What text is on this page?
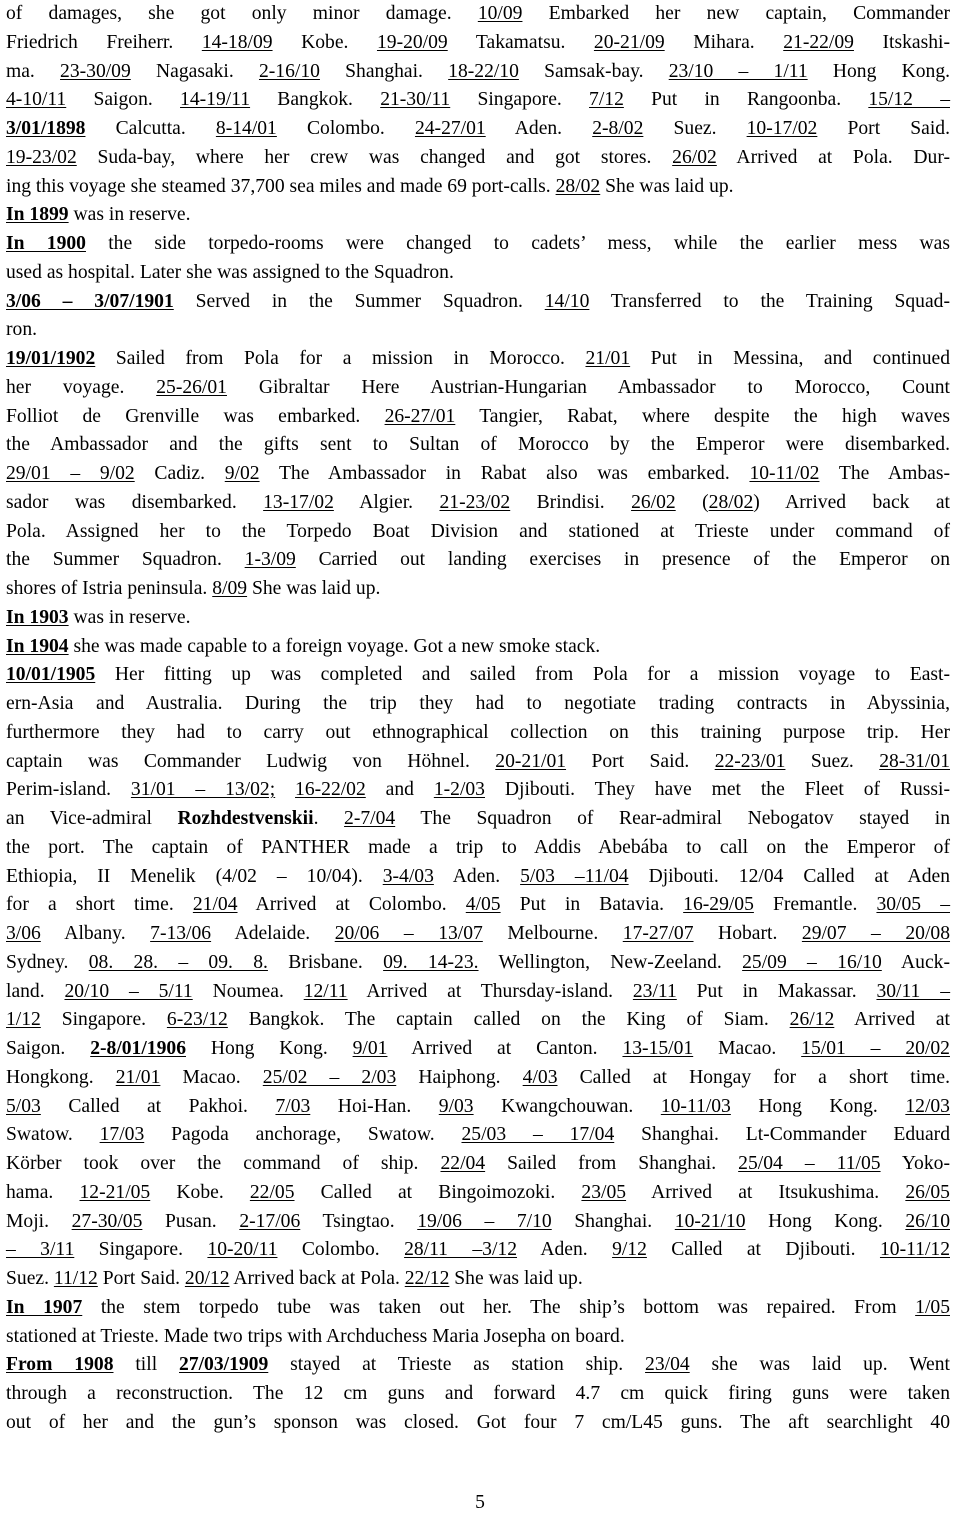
of damages, she got only minor damage. 10/09 Embarked her new captain, Commander
Friedrich Freiherr. 14-18/09 Kobe. 19-20/09 Takamatsu. 20-21/09 Mihara. 21-22/09 Itskashi-
ma. 23-30/09 Nagasaki. 2-16/10 Shanghai. 18-22/10 Samsak-bay. 23/10 – 1/11 Hong Kong.
4-10/11 Saigon. 14-19/11 Bangkok. 21-30/11 Singapore. 7/12 Put in Rangoonba. 15/12 –
3/01/1898 Calcutta. 8-14/01 Colombo. 24-27/01 Aden. 2-8/02 Suez. 10-17/02 Port Said.
19-23/02 Suda-bay, where her crew was changed and got stores. 26/02 Arrived at Pola. Dur-
ing this voyage she steamed 37,700 sea miles and made 69 port-calls. 28/02 She was laid up.
In 1899 was in reserve.
In 1900 the side torpedo-rooms were changed to cadets’ mess, while the earlier mess was
used as hospital. Later she was assigned to the Squadron.
3/06 – 3/07/1901 Served in the Summer Squadron. 14/10 Transferred to the Training Squad-
ron.
19/01/1902 Sailed from Pola for a mission in Morocco. 21/01 Put in Messina, and continued
her voyage. 25-26/01 Gibraltar Here Austrian-Hungarian Ambassador to Morocco, Count
Folliot de Grenville was embarked. 26-27/01 Tangier, Rabat, where despite the high waves
the Ambassador and the gifts sent to Sultan of Morocco by the Emperor were disembarked.
29/01 – 9/02 Cadiz. 9/02 The Ambassador in Rabat also was embarked. 10-11/02 The Ambas-
sador was disembarked. 13-17/02 Algier. 21-23/02 Brindisi. 26/02 (28/02) Arrived back at
Pola. Assigned her to the Torpedo Boat Division and stationed at Trieste under command of
the Summer Squadron. 1-3/09 Carried out landing exercises in presence of the Emperor on
shores of Istria peninsula. 8/09 She was laid up.
In 1903 was in reserve.
In 1904 she was made capable to a foreign voyage. Got a new smoke stack.
10/01/1905 Her fitting up was completed and sailed from Pola for a mission voyage to East-
ern-Asia and Australia. During the trip they had to negotiate trading contracts in Abyssinia,
furthermore they had to carry out ethnographical collection on this training purpose trip. Her
captain was Commander Ludwig von Höhnel. 20-21/01 Port Said. 22-23/01 Suez. 28-31/01
Perim-island. 31/01 – 13/02; 16-22/02 and 1-2/03 Djibouti. They have met the Fleet of Russi-
an Vice-admiral Rozhdestvenskii. 2-7/04 The Squadron of Rear-admiral Nebogatov stayed in
the port. The captain of PANTHER made a trip to Addis Abebába to call on the Emperor of
Ethiopia, II Menelik (4/02 – 10/04). 3-4/03 Aden. 5/03 –11/04 Djibouti. 12/04 Called at Aden
for a short time. 21/04 Arrived at Colombo. 4/05 Put in Batavia. 16-29/05 Fremantle. 30/05 –
3/06 Albany. 7-13/06 Adelaide. 20/06 – 13/07 Melbourne. 17-27/07 Hobart. 29/07 – 20/08
Sydney. 08. 28. – 09. 8. Brisbane. 09. 14-23. Wellington, New-Zeeland. 25/09 – 16/10 Auck-
land. 20/10 – 5/11 Noumea. 12/11 Arrived at Thursday-island. 23/11 Put in Makassar. 30/11 –
1/12 Singapore. 6-23/12 Bangkok. The captain called on the King of Siam. 26/12 Arrived at
Saigon. 2-8/01/1906 Hong Kong. 9/01 Arrived at Canton. 13-15/01 Macao. 15/01 – 20/02
Hongkong. 21/01 Macao. 25/02 – 2/03 Haiphong. 4/03 Called at Hongay for a short time.
5/03 Called at Pakhoi. 7/03 Hoi-Han. 9/03 Kwangchouwan. 10-11/03 Hong Kong. 12/03
Swatow. 17/03 Pagoda anchorage, Swatow. 25/03 – 17/04 Shanghai. Lt-Commander Eduard
Körber took over the command of ship. 22/04 Sailed from Shanghai. 25/04 – 11/05 Yoko-
hama. 12-21/05 Kobe. 22/05 Called at Bingoimozoki. 23/05 Arrived at Itsukushima. 26/05
Moji. 27-30/05 Pusan. 2-17/06 Tsingtao. 19/06 – 7/10 Shanghai. 10-21/10 Hong Kong. 26/10
– 3/11 Singapore. 10-20/11 Colombo. 28/11 –3/12 Aden. 9/12 Called at Djibouti. 10-11/12
Suez. 11/12 Port Said. 20/12 Arrived back at Pola. 22/12 She was laid up.
In 1907 the stem torpedo tube was taken out her. The ship’s bottom was repaired. From 1/05
stationed at Trieste. Made two trips with Archduchess Maria Josepha on board.
From 1908 till 27/03/1909 stayed at Trieste as station ship. 23/04 she was laid up. Went
through a reconstruction. The 12 cm guns and forward 4.7 cm quick firing guns were taken
out of her and the gun’s sponson was closed. Got four 7 cm/L45 guns. The aft searchlight 40
5
